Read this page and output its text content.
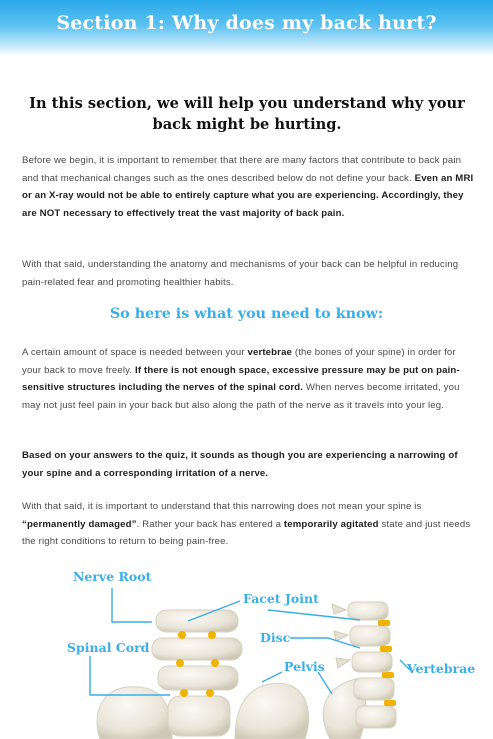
Section 1: Why does my back hurt?
In this section, we will help you understand why your back might be hurting.
Before we begin, it is important to remember that there are many factors that contribute to back pain and that mechanical changes such as the ones described below do not define your back. Even an MRI or an X-ray would not be able to entirely capture what you are experiencing. Accordingly, they are NOT necessary to effectively treat the vast majority of back pain.
With that said, understanding the anatomy and mechanisms of your back can be helpful in reducing pain-related fear and promoting healthier habits.
So here is what you need to know:
A certain amount of space is needed between your vertebrae (the bones of your spine) in order for your back to move freely. If there is not enough space, excessive pressure may be put on pain-sensitive structures including the nerves of the spinal cord. When nerves become irritated, you may not just feel pain in your back but also along the path of the nerve as it travels into your leg.
Based on your answers to the quiz, it sounds as though you are experiencing a narrowing of your spine and a corresponding irritation of a nerve.
With that said, it is important to understand that this narrowing does not mean your spine is “permanently damaged”. Rather your back has entered a temporarily agitated state and just needs the right conditions to return to being pain-free.
Nerve Root
Facet Joint
Disc
Spinal Cord
Pelvis	Vertebrae
